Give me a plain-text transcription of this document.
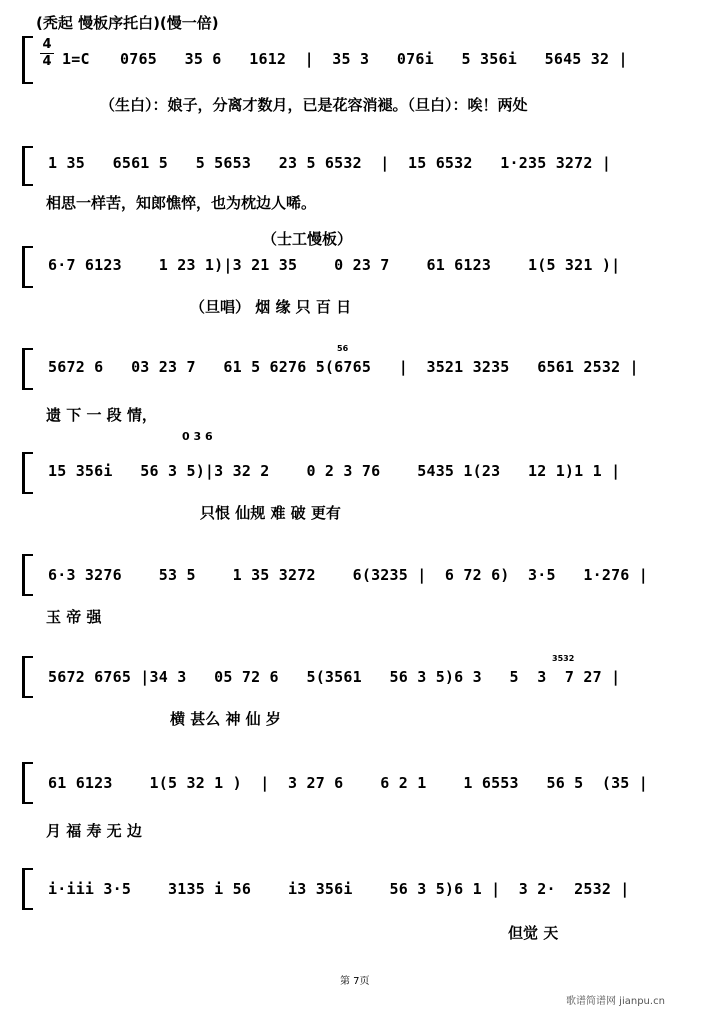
(秃起 慢板序托白)(慢一倍)
4
4 1=C 0765   35 6   1612  |  35 3   076i   5 356i   5645 32 |
（生白）：娘子，分离才数月，已是花容消褪。（旦白）：唉！两处
1 35   6561 5   5 5653   23 5 6532  |  15 6532   1·235 3272 |
相思一样苦，知郎憔悴，也为枕边人唏。
（士工慢板）
6·7 6123    1 23 1)|3 21 35    0 23 7    61 6123    1(5 321 )|
（旦唱） 烟 缘 只 百 日
56
5672 6   03 23 7   61 5 6276 5(6765   |  3521 3235   6561 2532 |
遗 下 一 段 情，
0 3 6
15 356i   56 3 5)|3 32 2    0 2 3 76    5435 1(23   12 1)1 1 |
只恨 仙规 难 破 更有
6·3 3276    53 5    1 35 3272    6(3235 |  6 72 6)  3·5   1·276 |
玉 帝 强
3532
5672 6765 |34 3   05 72 6   5(3561   56 3 5)6 3   5  3  7 27 |
横 甚么 神 仙 岁
61 6123    1(5 32 1 )  |  3 27 6    6 2 1    1 6553   56 5  (35 |
月 福 寿 无 边
i·iii 3·5    3135 i 56    i3 356i    56 3 5)6 1 |  3 2·  2532 |
但觉 天
第 7页
歌谱简谱网 jianpu.cn
